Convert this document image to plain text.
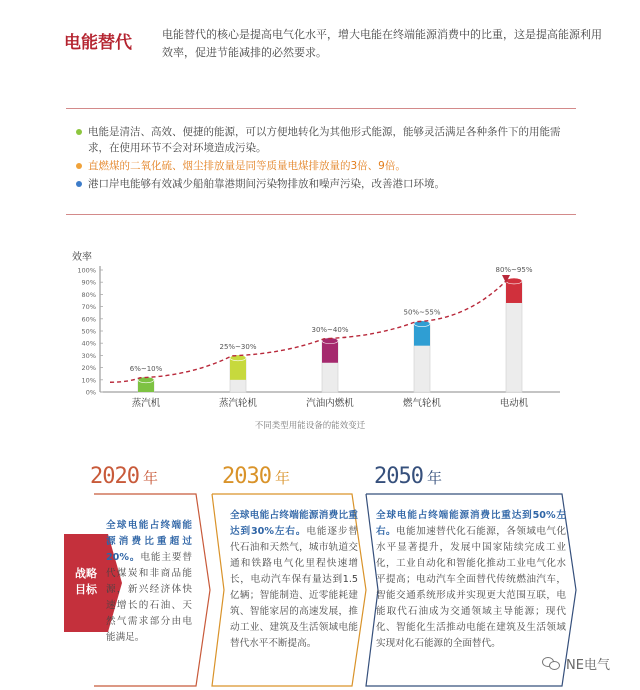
电能替代	电能替代的核心是提高电气化水平，增大电能在终端能源消费中的比重，这是提高能源利用效率，促进节能减排的必然要求。
电能是清洁、高效、便捷的能源，可以方便地转化为其他形式能源，能够灵活满足各种条件下的用能需求，在使用环节不会对环境造成污染。
直燃煤的二氧化硫、烟尘排放量是同等质量电煤排放量的3倍、9倍。
港口岸电能够有效减少船舶靠港期间污染物排放和噪声污染，改善港口环境。
效率
0%
10%
20%
30%
40%
50%
60%
70%
80%
90%
100%
6%~10%
蒸汽机
25%~30%
蒸汽轮机
30%~40%
汽油内燃机
50%~55%
燃气轮机
80%~95%
电动机
不同类型用能设备的能效变迁
2020 年	2030 年	2050 年
战略
目标
全球电能占终端能源消费比重超过20%。电能主要替代煤炭和非商品能源，新兴经济体快速增长的石油、天然气需求部分由电能满足。
全球电能占终端能源消费比重达到30%左右。电能逐步替代石油和天然气，城市轨道交通和铁路电气化里程快速增长，电动汽车保有量达到1.5亿辆；智能制造、近零能耗建筑、智能家居的高速发展，推动工业、建筑及生活领域电能替代水平不断提高。
全球电能占终端能源消费比重达到50%左右。电能加速替代化石能源，各领域电气化水平显著提升，发展中国家陆续完成工业化，工业自动化和智能化推动工业电气化水平提高；电动汽车全面替代传统燃油汽车，智能交通系统形成并实现更大范围互联，电能取代石油成为交通领域主导能源；现代化、智能化生活推动电能在建筑及生活领域实现对化石能源的全面替代。
NE电气
